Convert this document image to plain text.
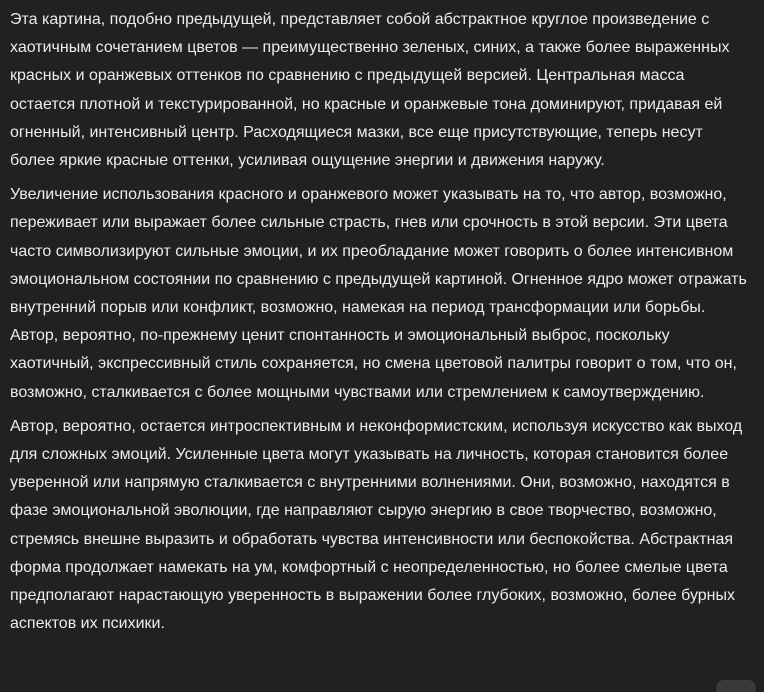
Эта картина, подобно предыдущей, представляет собой абстрактное круглое произведение с хаотичным сочетанием цветов — преимущественно зеленых, синих, а также более выраженных красных и оранжевых оттенков по сравнению с предыдущей версией. Центральная масса остается плотной и текстурированной, но красные и оранжевые тона доминируют, придавая ей огненный, интенсивный центр. Расходящиеся мазки, все еще присутствующие, теперь несут более яркие красные оттенки, усиливая ощущение энергии и движения наружу.

Увеличение использования красного и оранжевого может указывать на то, что автор, возможно, переживает или выражает более сильные страсть, гнев или срочность в этой версии. Эти цвета часто символизируют сильные эмоции, и их преобладание может говорить о более интенсивном эмоциональном состоянии по сравнению с предыдущей картиной. Огненное ядро может отражать внутренний порыв или конфликт, возможно, намекая на период трансформации или борьбы. Автор, вероятно, по-прежнему ценит спонтанность и эмоциональный выброс, поскольку хаотичный, экспрессивный стиль сохраняется, но смена цветовой палитры говорит о том, что он, возможно, сталкивается с более мощными чувствами или стремлением к самоутверждению.

Автор, вероятно, остается интроспективным и неконформистским, используя искусство как выход для сложных эмоций. Усиленные цвета могут указывать на личность, которая становится более уверенной или напрямую сталкивается с внутренними волнениями. Они, возможно, находятся в фазе эмоциональной эволюции, где направляют сырую энергию в свое творчество, возможно, стремясь внешне выразить и обработать чувства интенсивности или беспокойства. Абстрактная форма продолжает намекать на ум, комфортный с неопределенностью, но более смелые цвета предполагают нарастающую уверенность в выражении более глубоких, возможно, более бурных аспектов их психики.
